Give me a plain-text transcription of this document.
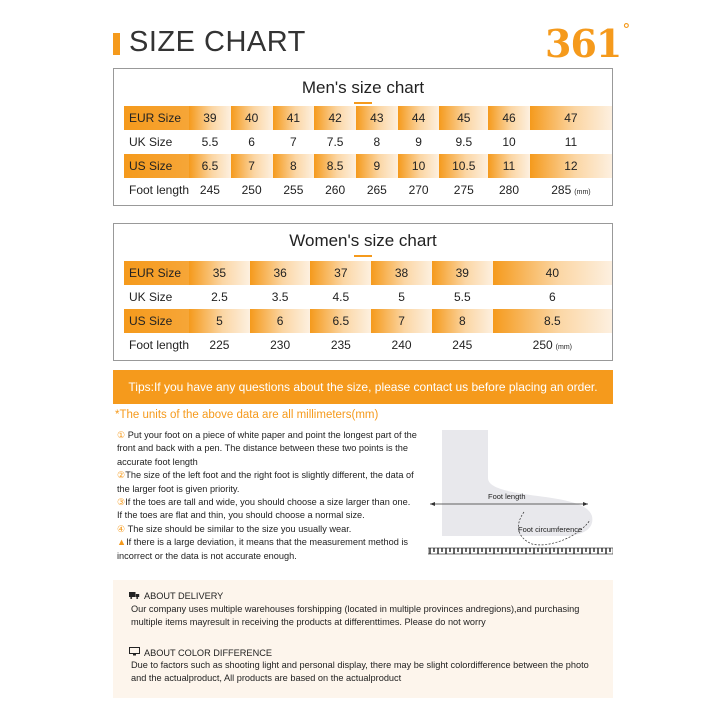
SIZE CHART	361°
Men's size chart
EUR Size	39	40	41	42	43	44	45	46	47
UK Size	5.5	6	7	7.5	8	9	9.5	10	11
US Size	6.5	7	8	8.5	9	10	10.5	11	12
Foot length	245	250	255	260	265	270	275	280	285 (mm)
Women's size chart
EUR Size	35	36	37	38	39	40
UK Size	2.5	3.5	4.5	5	5.5	6
US Size	5	6	6.5	7	8	8.5
Foot length	225	230	235	240	245	250 (mm)
Tips:If you have any questions about the size, please contact us before placing an order.
*The units of the above data are all millimeters(mm)

① Put your foot on a piece of white paper and point the longest part of the front and back with a pen. The distance between these two points is the accurate foot length

②The size of the left foot and the right foot is slightly different, the data of the larger foot is given priority.

③If the toes are tall and wide, you should choose a size larger than one. If the toes are flat and thin, you should choose a normal size.

④ The size should be similar to the size you usually wear.

▲If there is a large deviation, it means that the measurement method is incorrect or the data is not accurate enough.

Foot length
Foot circumference
ABOUT DELIVERY
Our company uses multiple warehouses forshipping (located in multiple provinces andregions),and purchasing multiple items mayresult in receiving the products at differenttimes. Please do not worry
ABOUT COLOR DIFFERENCE
Due to factors such as shooting light and personal display, there may be slight colordifference between the photo and the actualproduct, All products are based on the actualproduct
